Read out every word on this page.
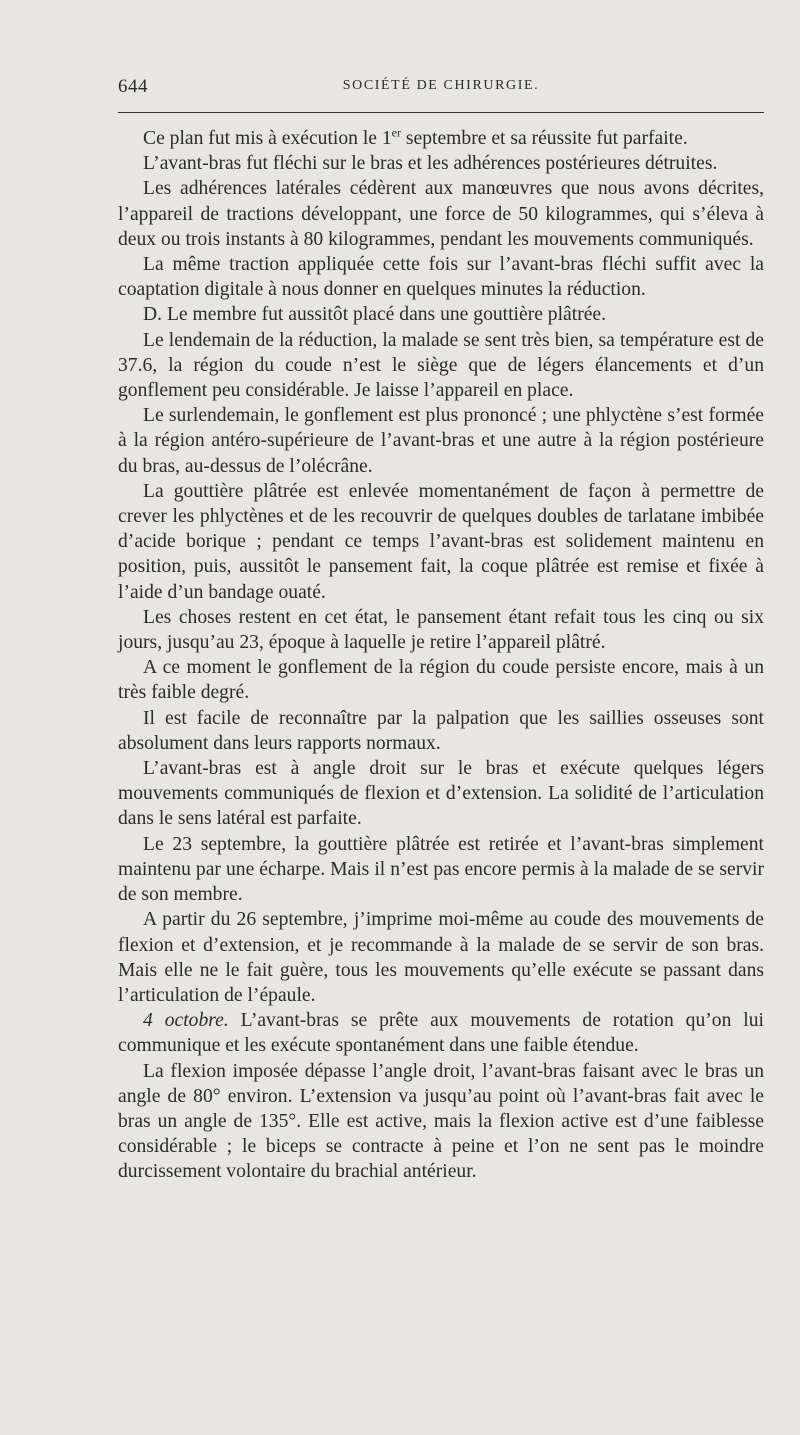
644	SOCIÉTÉ DE CHIRURGIE.

Ce plan fut mis à exécution le 1er septembre et sa réussite fut parfaite.

L’avant-bras fut fléchi sur le bras et les adhérences postérieures détruites.

Les adhérences latérales cédèrent aux manœuvres que nous avons décrites, l’appareil de tractions développant, une force de 50 kilogrammes, qui s’éleva à deux ou trois instants à 80 kilogrammes, pendant les mouvements communiqués.

La même traction appliquée cette fois sur l’avant-bras fléchi suffit avec la coaptation digitale à nous donner en quelques minutes la réduction.

D. Le membre fut aussitôt placé dans une gouttière plâtrée.

Le lendemain de la réduction, la malade se sent très bien, sa température est de 37.6, la région du coude n’est le siège que de légers élancements et d’un gonflement peu considérable. Je laisse l’appareil en place.

Le surlendemain, le gonflement est plus prononcé ; une phlyctène s’est formée à la région antéro-supérieure de l’avant-bras et une autre à la région postérieure du bras, au-dessus de l’olécrâne.

La gouttière plâtrée est enlevée momentanément de façon à permettre de crever les phlyctènes et de les recouvrir de quelques doubles de tarlatane imbibée d’acide borique ; pendant ce temps l’avant-bras est solidement maintenu en position, puis, aussitôt le pansement fait, la coque plâtrée est remise et fixée à l’aide d’un bandage ouaté.

Les choses restent en cet état, le pansement étant refait tous les cinq ou six jours, jusqu’au 23, époque à laquelle je retire l’appareil plâtré.

A ce moment le gonflement de la région du coude persiste encore, mais à un très faible degré.

Il est facile de reconnaître par la palpation que les saillies osseuses sont absolument dans leurs rapports normaux.

L’avant-bras est à angle droit sur le bras et exécute quelques légers mouvements communiqués de flexion et d’extension. La solidité de l’articulation dans le sens latéral est parfaite.

Le 23 septembre, la gouttière plâtrée est retirée et l’avant-bras simplement maintenu par une écharpe. Mais il n’est pas encore permis à la malade de se servir de son membre.

A partir du 26 septembre, j’imprime moi-même au coude des mouvements de flexion et d’extension, et je recommande à la malade de se servir de son bras. Mais elle ne le fait guère, tous les mouvements qu’elle exécute se passant dans l’articulation de l’épaule.

4 octobre. L’avant-bras se prête aux mouvements de rotation qu’on lui communique et les exécute spontanément dans une faible étendue.

La flexion imposée dépasse l’angle droit, l’avant-bras faisant avec le bras un angle de 80° environ. L’extension va jusqu’au point où l’avant-bras fait avec le bras un angle de 135°. Elle est active, mais la flexion active est d’une faiblesse considérable ; le biceps se contracte à peine et l’on ne sent pas le moindre durcissement volontaire du brachial antérieur.
